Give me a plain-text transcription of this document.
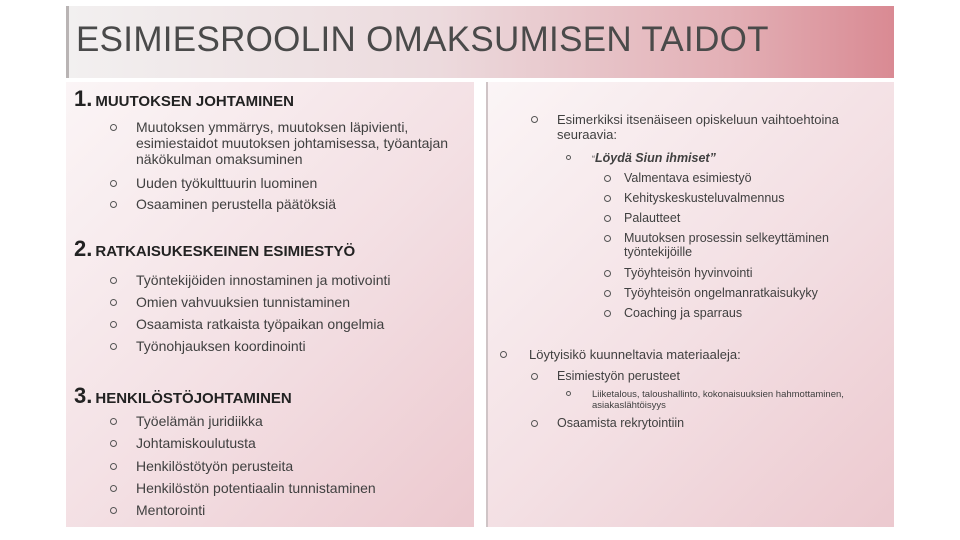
ESIMIESROOLIN OMAKSUMISEN TAIDOT
1. MUUTOKSEN JOHTAMINEN
Muutoksen ymmärrys, muutoksen läpivienti, esimiestaidot muutoksen johtamisessa, työantajan näkökulman omaksuminen
Uuden työkulttuurin luominen
Osaaminen perustella päätöksiä
2. RATKAISUKESKEINEN ESIMIESTYÖ
Työntekijöiden innostaminen ja motivointi
Omien vahvuuksien tunnistaminen
Osaamista ratkaista työpaikan ongelmia
Työnohjauksen koordinointi
3. HENKILÖSTÖJOHTAMINEN
Työelämän juridiikka
Johtamiskoulutusta
Henkilöstötyön perusteita
Henkilöstön potentiaalin tunnistaminen
Mentorointi
Esimerkiksi itsenäiseen opiskeluun vaihtoehtoina seuraavia:
“Löydä Siun ihmiset”
Valmentava esimiestyö
Kehityskeskusteluvalmennus
Palautteet
Muutoksen prosessin selkeyttäminen työntekijöille
Työyhteisön hyvinvointi
Työyhteisön ongelmanratkaisukyky
Coaching ja sparraus
Löytyisikö kuunneltavia materiaaleja:
Esimiestyön perusteet
Liiketalous, taloushallinto, kokonaisuuksien hahmottaminen, asiakaslähtöisyys
Osaamista rekrytointiin
